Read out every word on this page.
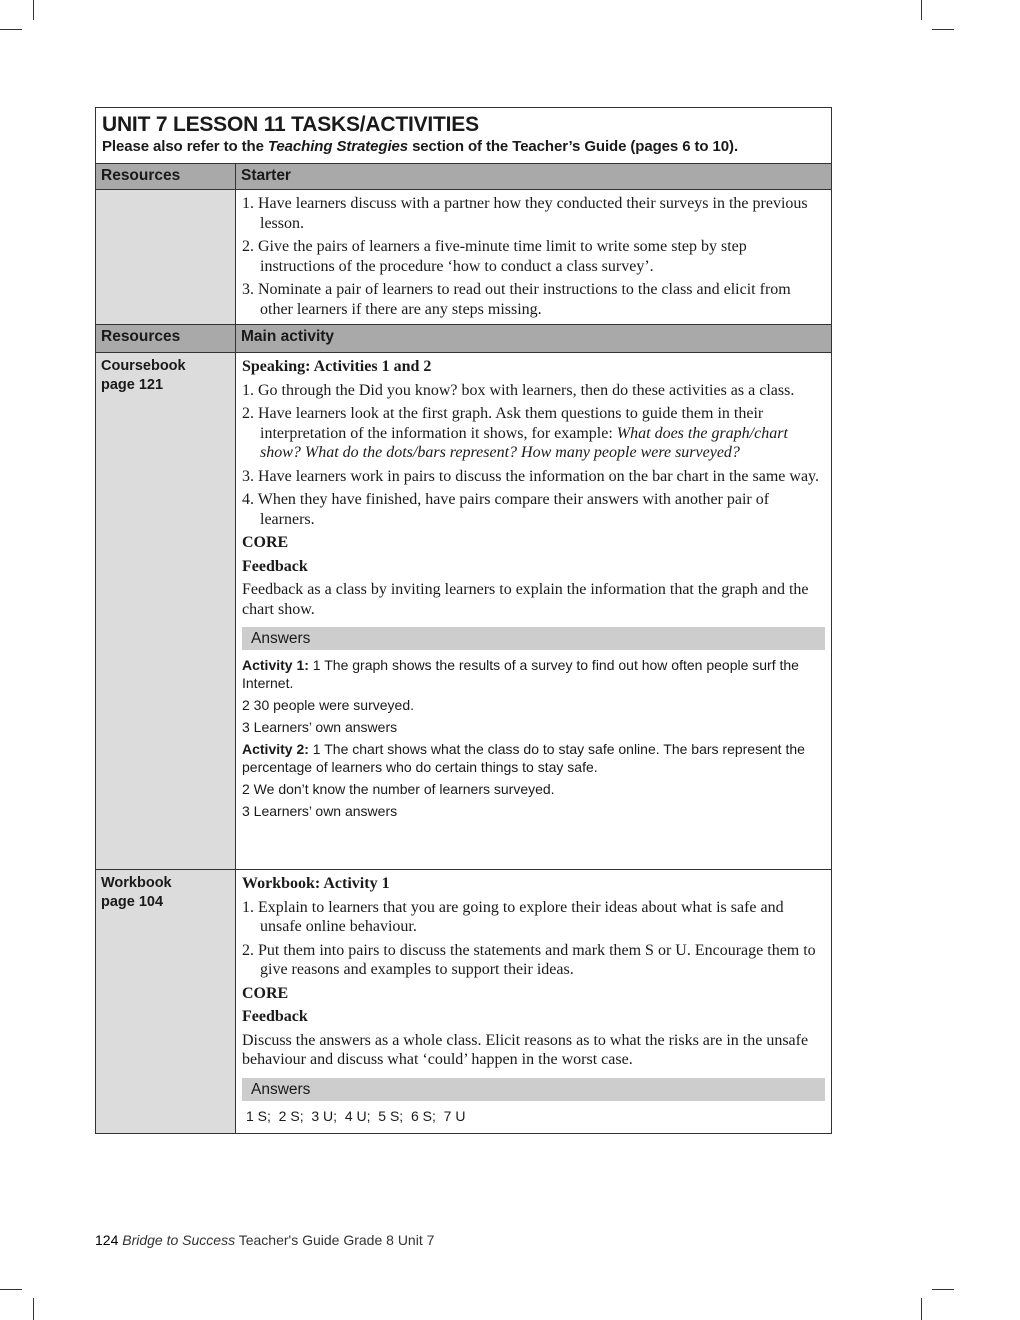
UNIT 7 LESSON 11 TASKS/ACTIVITIES
Please also refer to the Teaching Strategies section of the Teacher’s Guide (pages 6 to 10).
Resources	Starter
1. Have learners discuss with a partner how they conducted their surveys in the previous lesson.
2. Give the pairs of learners a five-minute time limit to write some step by step instructions of the procedure ‘how to conduct a class survey’.
3. Nominate a pair of learners to read out their instructions to the class and elicit from other learners if there are any steps missing.
Resources	Main activity
Coursebook page 121
Speaking: Activities 1 and 2
1. Go through the Did you know? box with learners, then do these activities as a class.
2. Have learners look at the first graph. Ask them questions to guide them in their interpretation of the information it shows, for example: What does the graph/chart show? What do the dots/bars represent? How many people were surveyed?
3. Have learners work in pairs to discuss the information on the bar chart in the same way.
4. When they have finished, have pairs compare their answers with another pair of learners.
CORE
Feedback
Feedback as a class by inviting learners to explain the information that the graph and the chart show.
Answers
Activity 1: 1 The graph shows the results of a survey to find out how often people surf the Internet.
2 30 people were surveyed.
3 Learners’ own answers
Activity 2: 1 The chart shows what the class do to stay safe online. The bars represent the percentage of learners who do certain things to stay safe.
2 We don’t know the number of learners surveyed.
3 Learners’ own answers
Workbook page 104
Workbook: Activity 1
1. Explain to learners that you are going to explore their ideas about what is safe and unsafe online behaviour.
2. Put them into pairs to discuss the statements and mark them S or U. Encourage them to give reasons and examples to support their ideas.
CORE
Feedback
Discuss the answers as a whole class. Elicit reasons as to what the risks are in the unsafe behaviour and discuss what ‘could’ happen in the worst case.
Answers
1 S;  2 S;  3 U;  4 U;  5 S;  6 S;  7 U
124 Bridge to Success Teacher's Guide Grade 8 Unit 7
